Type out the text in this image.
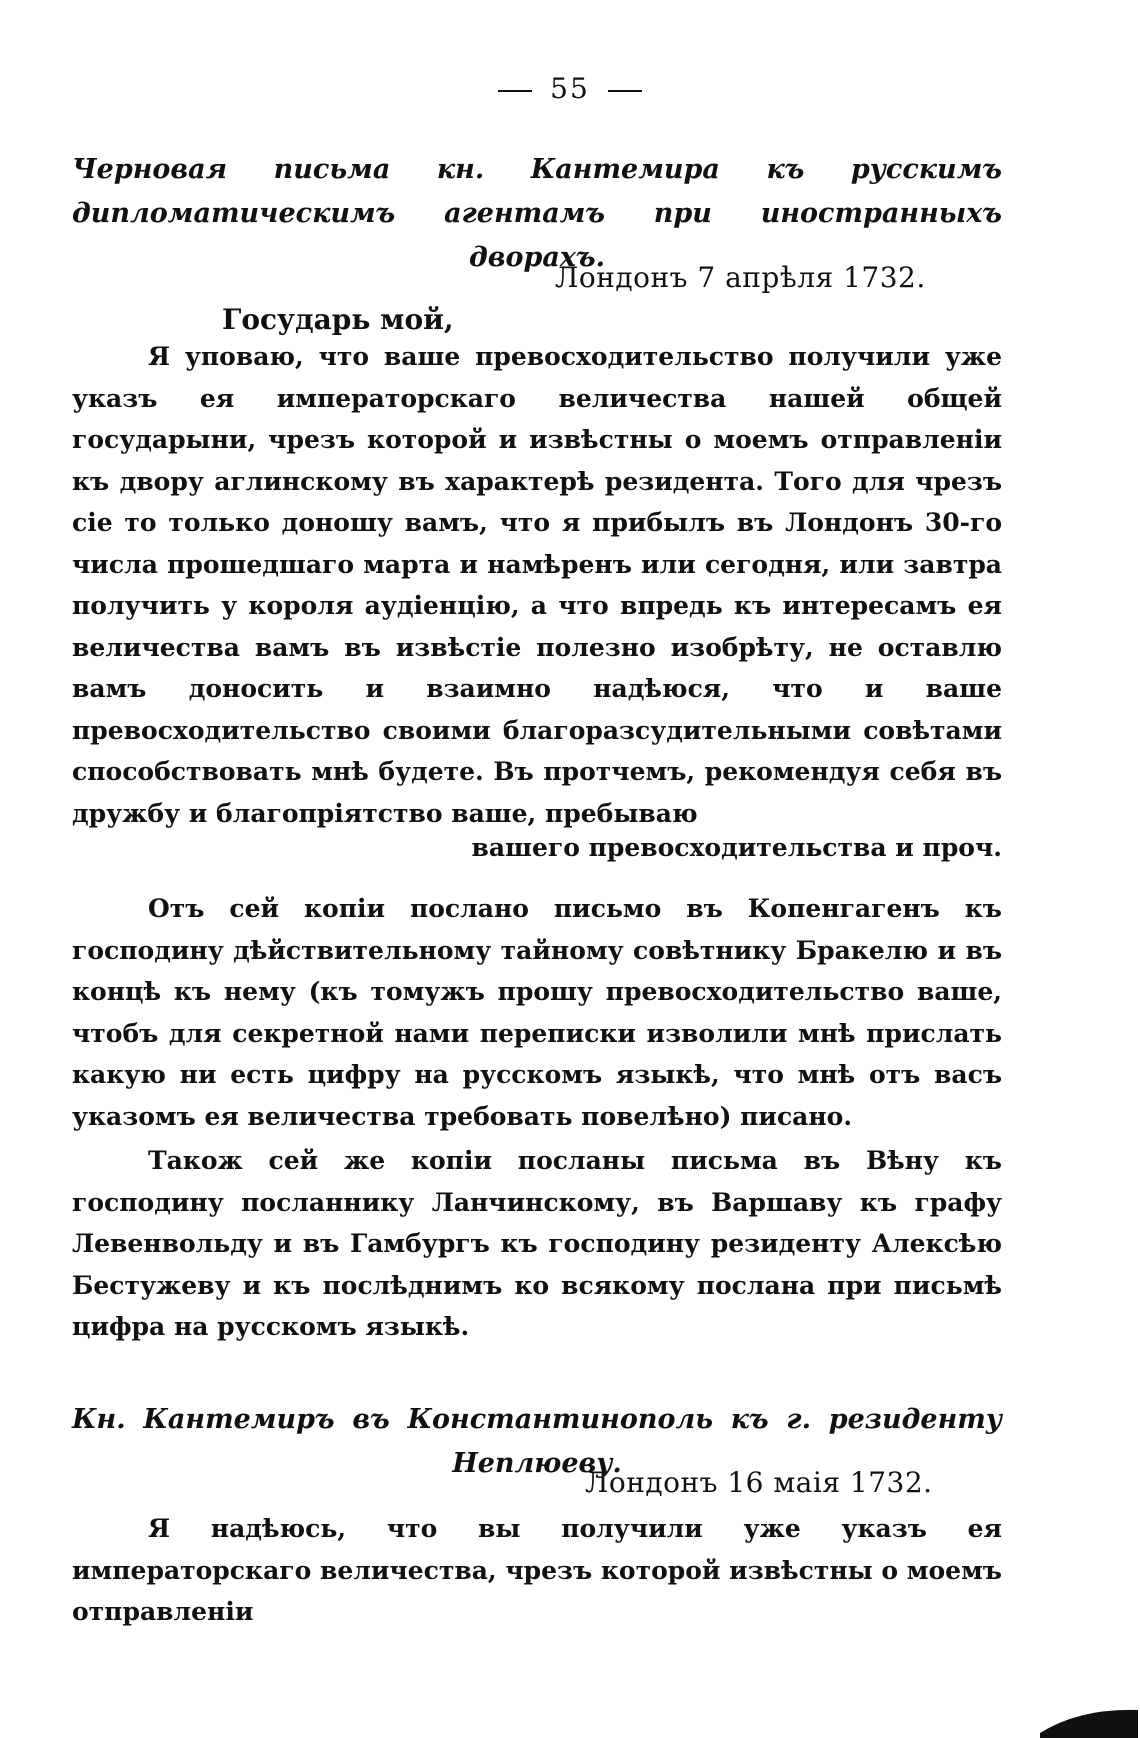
55
Черновая письма кн. Кантемира къ русскимъ дипломатическимъ агентамъ при иностранныхъ дворахъ.
Лондонъ 7 апрѣля 1732.
Государь мой,

Я уповаю, что ваше превосходительство получили уже указъ ея императорскаго величества нашей общей государыни, чрезъ которой и извѣстны о моемъ отправленіи къ двору аглинскому въ характерѣ резидента. Того для чрезъ сіе то только доношу вамъ, что я прибылъ въ Лондонъ 30-го числа прошедшаго марта и намѣренъ или сегодня, или завтра получить у короля аудіенцію, а что впредь къ интересамъ ея величества вамъ въ извѣстіе полезно изобрѣту, не оставлю вамъ доносить и взаимно надѣюся, что и ваше превосходительство своими благоразсудительными совѣтами способствовать мнѣ будете. Въ протчемъ, рекомендуя себя въ дружбу и благопріятство ваше, пребываю

вашего превосходительства и проч.

Отъ сей копіи послано письмо въ Копенгагенъ къ господину дѣйствительному тайному совѣтнику Бракелю и въ концѣ къ нему (къ томужъ прошу превосходительство ваше, чтобъ для секретной нами переписки изволили мнѣ прислать какую ни есть цифру на русскомъ языкѣ, что мнѣ отъ васъ указомъ ея величества требовать повелѣно) писано.

Також сей же копіи посланы письма въ Вѣну къ господину посланнику Ланчинскому, въ Варшаву къ графу Левенвольду и въ Гамбургъ къ господину резиденту Алексѣю Бестужеву и къ послѣднимъ ко всякому послана при письмѣ цифра на русскомъ языкѣ.

Кн. Кантемиръ въ Константинополь къ г. резиденту Неплюеву.
Лондонъ 16 маія 1732.

Я надѣюсь, что вы получили уже указъ ея императорскаго величества, чрезъ которой извѣстны о моемъ отправленіи
